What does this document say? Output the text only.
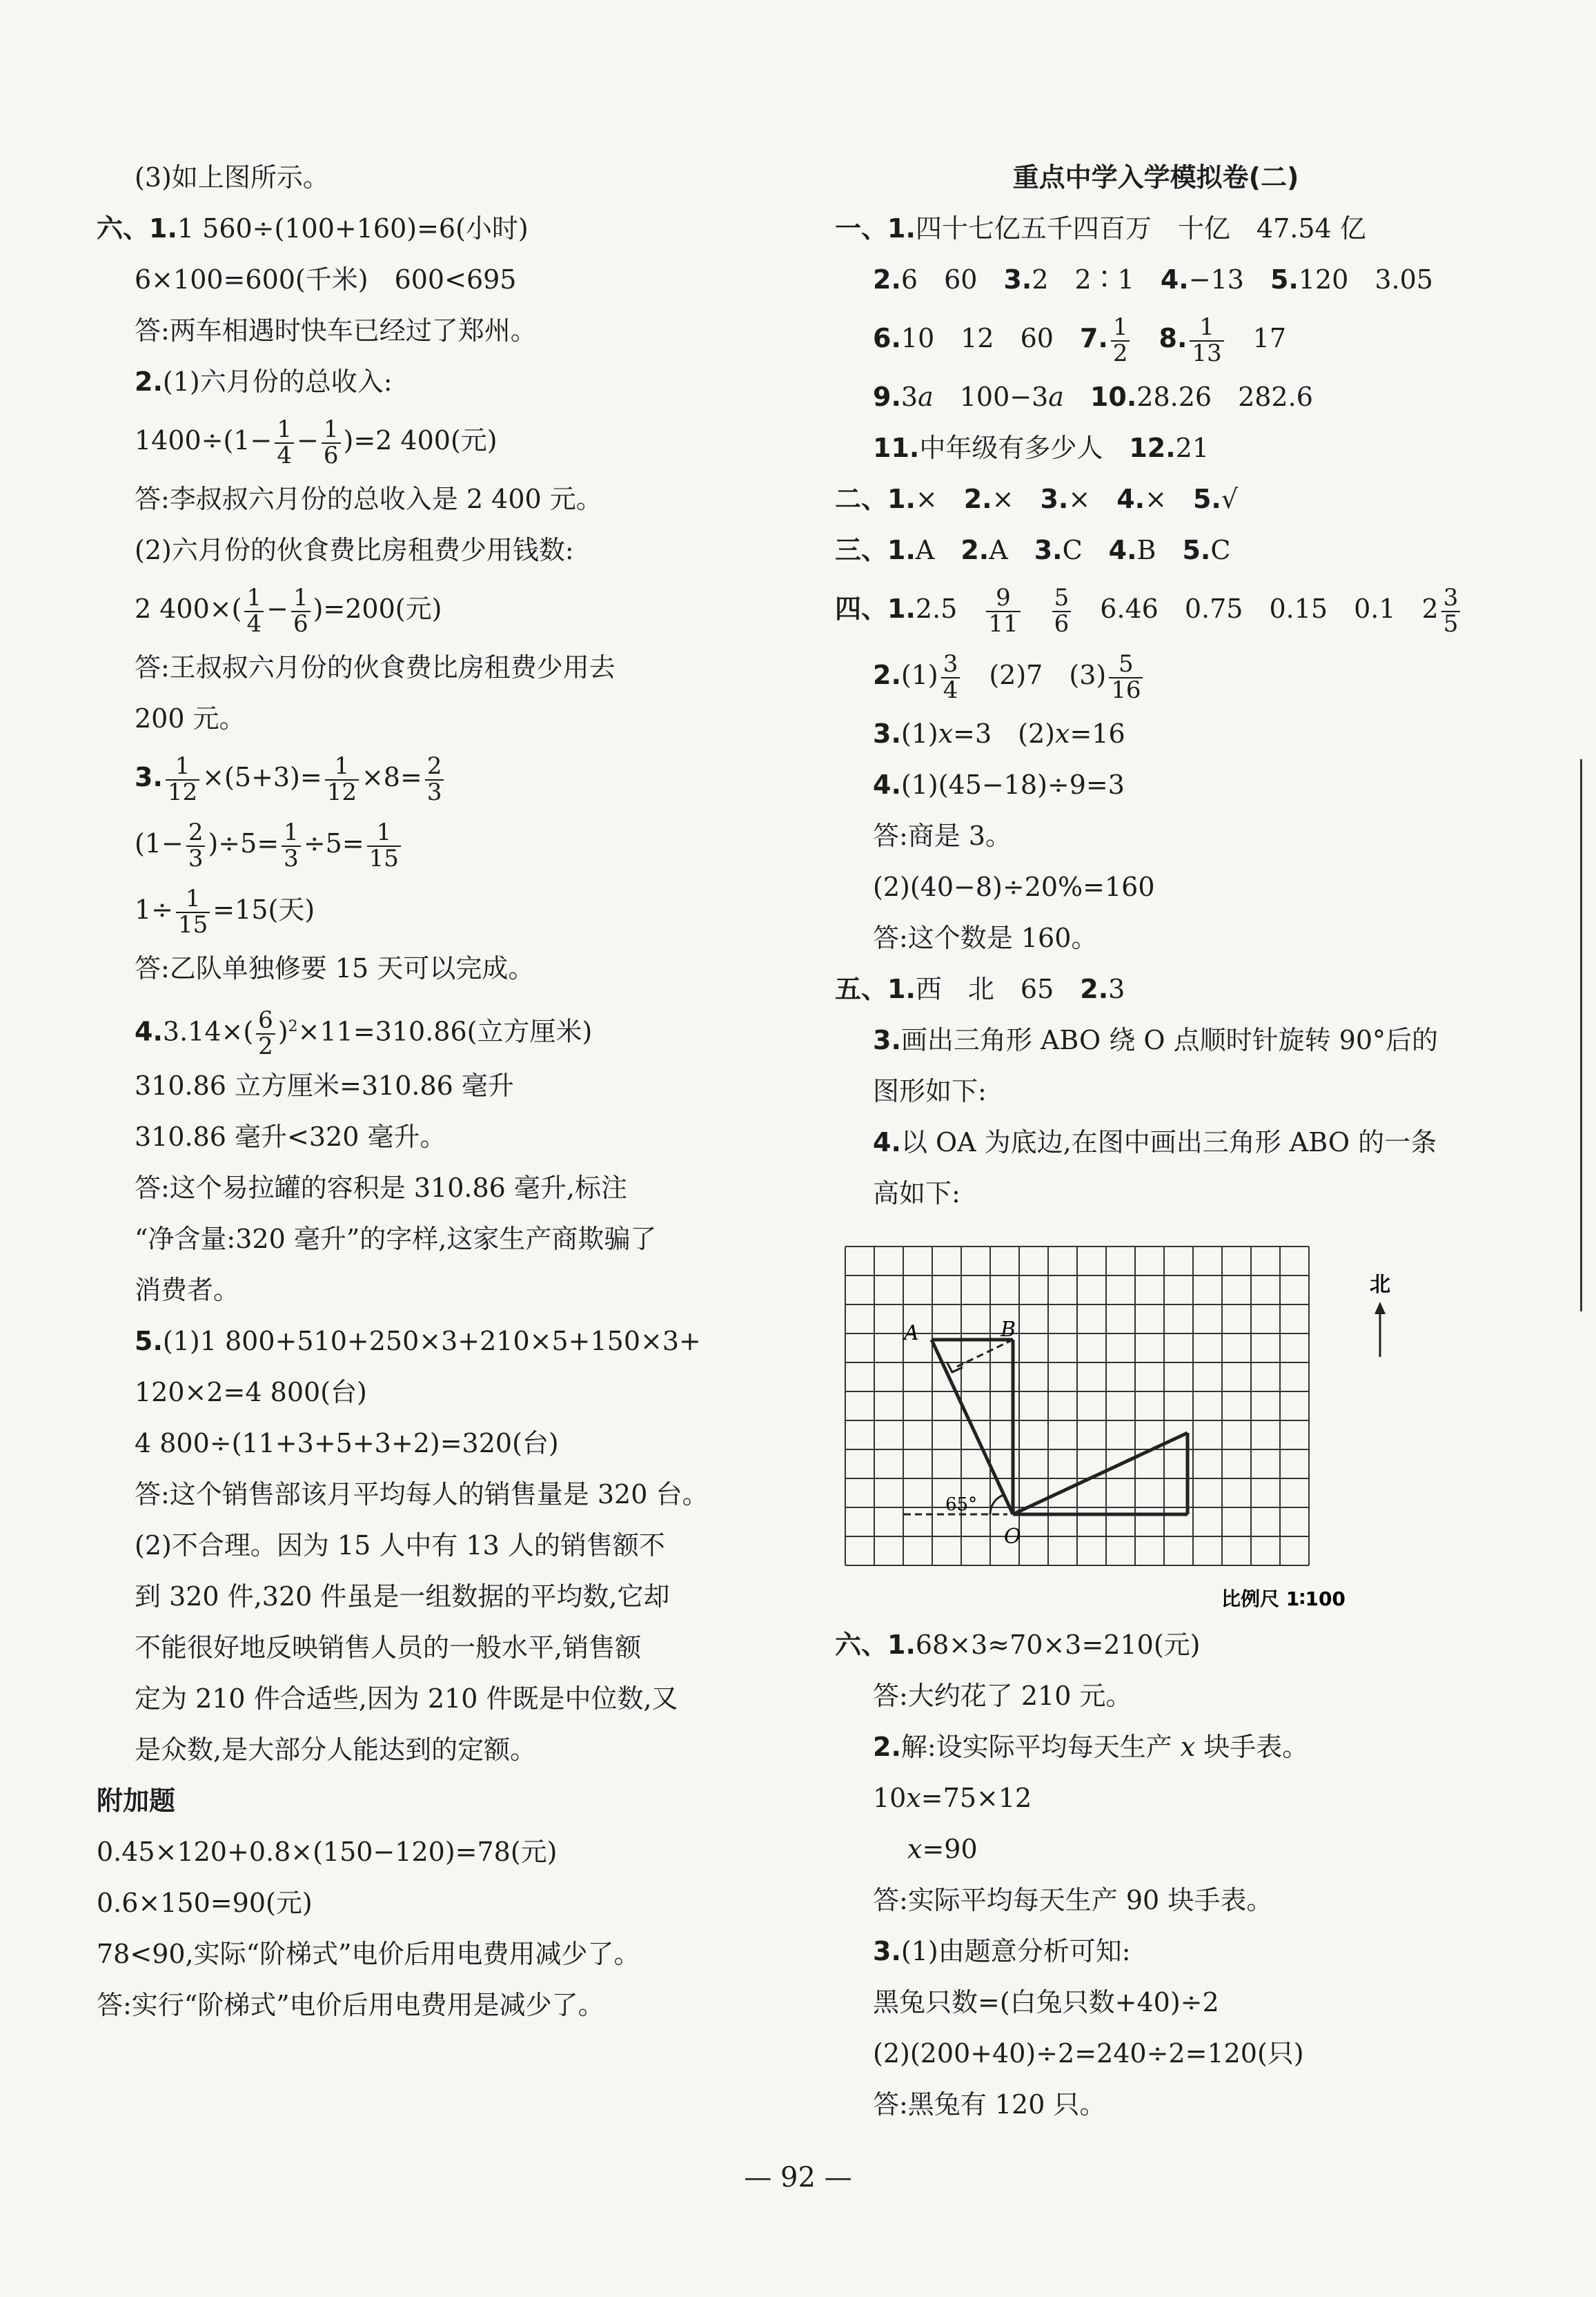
(3)如上图所示。
六、1.1 560÷(100+160)=6(小时)
6×100=600(千米)　600<695
答:两车相遇时快车已经过了郑州。
2.(1)六月份的总收入:
$1400\div(1- \frac{1}{4} - \frac{1}{6} )=2$ 400(元)
答:李叔叔六月份的总收入是 2 400 元。
(2)六月份的伙食费比房租费少用钱数:
2 $400\times( \frac{1}{4} - \frac{1}{6} )=200$(元)
答:王叔叔六月份的伙食费比房租费少用去
200 元。
3. $\frac{1}{12} \times(5+3)= \frac{1}{12} \times 8= \frac{2}{3}$
$(1- \frac{2}{3} )\div 5= \frac{1}{3} \div 5= \frac{1}{15}$
$1\div \frac{1}{15} =15$(天)
答:乙队单独修要 15 天可以完成。
$4.3.14\times( \frac{6}{2} )^2\times 11=310.86$(立方厘米)
310.86 立方厘米=310.86 毫升
310.86 毫升<320 毫升。
答:这个易拉罐的容积是 310.86 毫升,标注
“净含量:320 毫升”的字样,这家生产商欺骗了
消费者。
5.(1)1 800+510+250×3+210×5+150×3+
120×2=4 800(台)
4 800÷(11+3+5+3+2)=320(台)
答:这个销售部该月平均每人的销售量是 320 台。
(2)不合理。因为 15 人中有 13 人的销售额不
到 320 件,320 件虽是一组数据的平均数,它却
不能很好地反映销售人员的一般水平,销售额
定为 210 件合适些,因为 210 件既是中位数,又
是众数,是大部分人能达到的定额。
附加题
0.45×120+0.8×(150−120)=78(元)
0.6×150=90(元)
78<90,实际“阶梯式”电价后用电费用减少了。
答:实行“阶梯式”电价后用电费用是减少了。
重点中学入学模拟卷(二)
一、1.四十七亿五千四百万　十亿　47.54 亿
2.6　60　3.2　2∶1　4.−13　5.120　3.05
6.10　12　60　7. $\frac{1}{2}$
　 8. $\frac{1}{13}$ 　17
9.3a　100−3a　 10.28.26　282.6
11.中年级有多少人　12.21
二、1.×　2.×　3.×　4.×　5.√
三、1.A　2.A　3.C　4.B　5.C
四、1.2.5　 $\frac{9}{11}$
　 $\frac{5}{6}$ 　6.46　0.75　0.15　0.1　$2 \frac{3}{5}$
$2.(1) \frac{3}{4}$ 　(2)7　$(3) \frac{5}{16}$
3.(1)x=3　(2)x=16
4.(1)(45−18)÷9=3
答:商是 3。
(2)(40−8)÷20%=160
答:这个数是 160。
五、1.西　北　65　2.3
3.画出三角形 ABO 绕 O 点顺时针旋转 90°后的
图形如下:
4.以 OA 为底边,在图中画出三角形 ABO 的一条
高如下:
A	B
O
65°
北
比例尺 1∶100
六、1.68×3≈70×3=210(元)
答:大约花了 210 元。
2.解:设实际平均每天生产 x 块手表。
10x=75×12
x=90
答:实际平均每天生产 90 块手表。
3.(1)由题意分析可知:
黑兔只数=(白兔只数+40)÷2
(2)(200+40)÷2=240÷2=120(只)
答:黑兔有 120 只。
— 92 —
